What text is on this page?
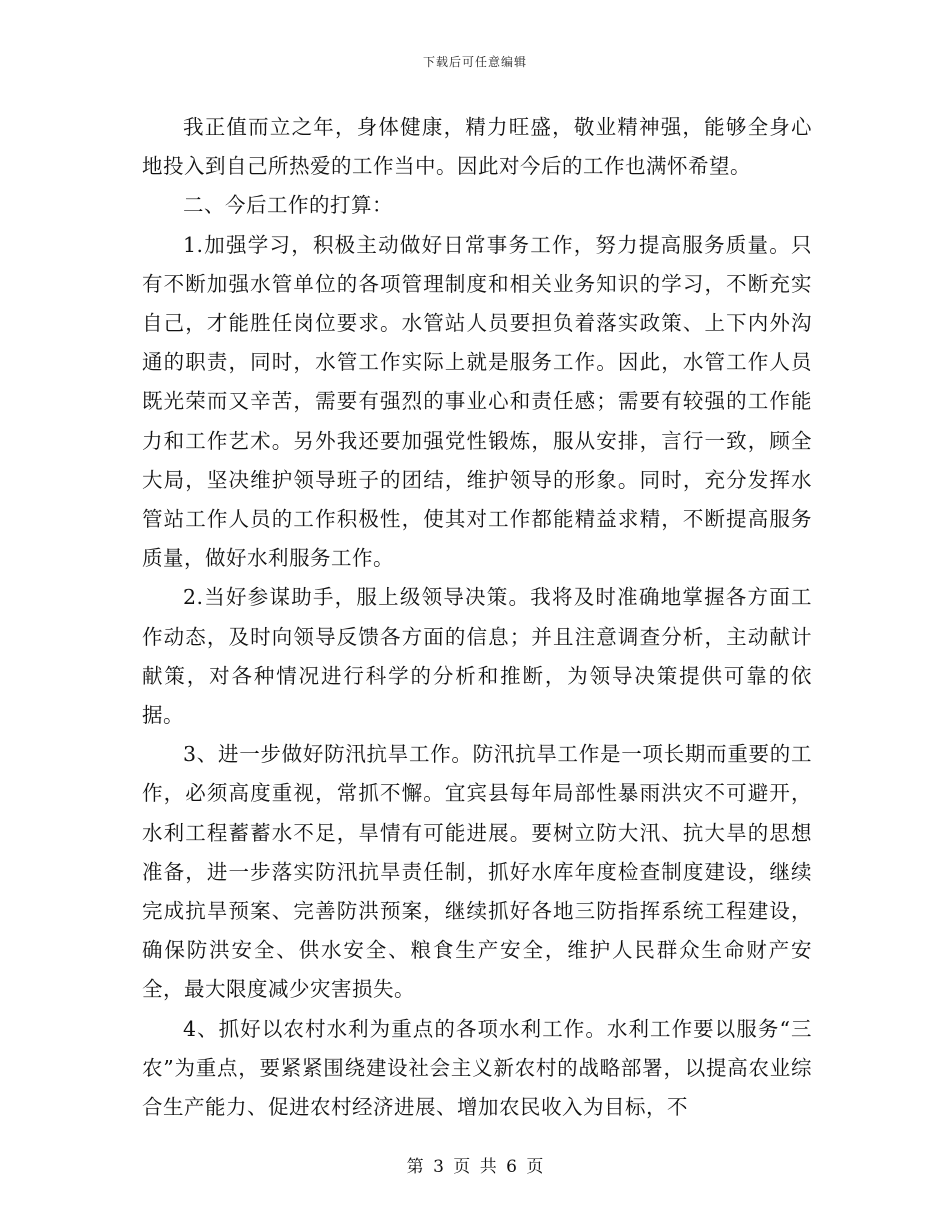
下载后可任意编辑

我正值而立之年，身体健康，精力旺盛，敬业精神强，能够全身心地投入到自己所热爱的工作当中。因此对今后的工作也满怀希望。

二、今后工作的打算：

1.加强学习，积极主动做好日常事务工作，努力提高服务质量。只有不断加强水管单位的各项管理制度和相关业务知识的学习，不断充实自己，才能胜任岗位要求。水管站人员要担负着落实政策、上下内外沟通的职责，同时，水管工作实际上就是服务工作。因此，水管工作人员既光荣而又辛苦，需要有强烈的事业心和责任感；需要有较强的工作能力和工作艺术。另外我还要加强党性锻炼，服从安排，言行一致，顾全大局，坚决维护领导班子的团结，维护领导的形象。同时，充分发挥水管站工作人员的工作积极性，使其对工作都能精益求精，不断提高服务质量，做好水利服务工作。

2.当好参谋助手，服上级领导决策。我将及时准确地掌握各方面工作动态，及时向领导反馈各方面的信息；并且注意调查分析，主动献计献策，对各种情况进行科学的分析和推断，为领导决策提供可靠的依据。

3、进一步做好防汛抗旱工作。防汛抗旱工作是一项长期而重要的工作，必须高度重视，常抓不懈。宜宾县每年局部性暴雨洪灾不可避开，水利工程蓄蓄水不足，旱情有可能进展。要树立防大汛、抗大旱的思想准备，进一步落实防汛抗旱责任制，抓好水库年度检查制度建设，继续完成抗旱预案、完善防洪预案，继续抓好各地三防指挥系统工程建设，确保防洪安全、供水安全、粮食生产安全，维护人民群众生命财产安全，最大限度减少灾害损失。

4、抓好以农村水利为重点的各项水利工作。水利工作要以服务“三农”为重点，要紧紧围绕建设社会主义新农村的战略部署，以提高农业综合生产能力、促进农村经济进展、增加农民收入为目标，不

第 3 页 共 6 页
